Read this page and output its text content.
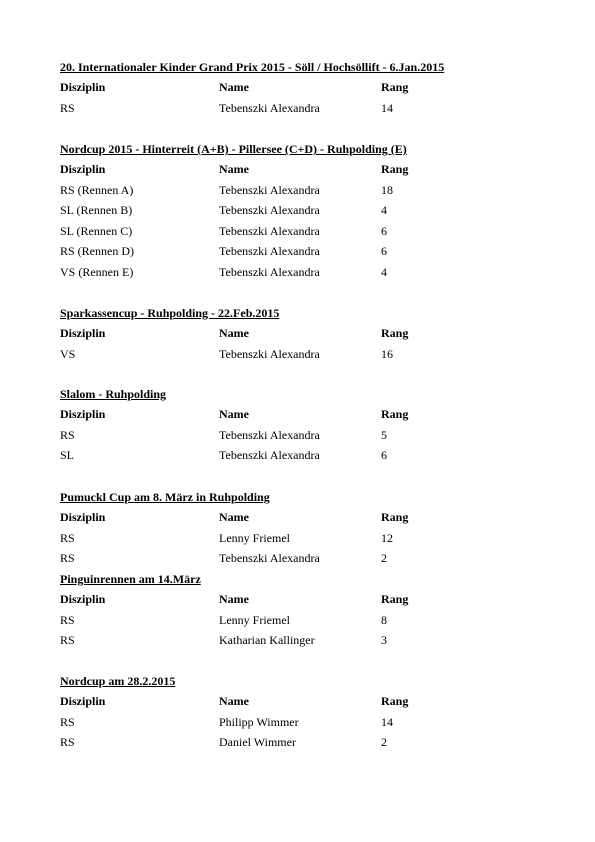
20. Internationaler Kinder Grand Prix 2015 - Söll / Hochsöllift - 6.Jan.2015
Disziplin	Name	Rang
RS	Tebenszki Alexandra	14
Nordcup 2015 - Hinterreit (A+B) - Pillersee (C+D) - Ruhpolding (E)
Disziplin	Name	Rang
RS (Rennen A)	Tebenszki Alexandra	18
SL (Rennen B)	Tebenszki Alexandra	4
SL (Rennen C)	Tebenszki Alexandra	6
RS (Rennen D)	Tebenszki Alexandra	6
VS (Rennen E)	Tebenszki Alexandra	4
Sparkassencup - Ruhpolding - 22.Feb.2015
Disziplin	Name	Rang
VS	Tebenszki Alexandra	16
Slalom - Ruhpolding
Disziplin	Name	Rang
RS	Tebenszki Alexandra	5
SL	Tebenszki Alexandra	6
Pumuckl Cup am 8. März in Ruhpolding
Disziplin	Name	Rang
RS	Lenny Friemel	12
RS	Tebenszki Alexandra	2
Pinguinrennen am 14.März
Disziplin	Name	Rang
RS	Lenny Friemel	8
RS	Katharian Kallinger	3
Nordcup am 28.2.2015
Disziplin	Name	Rang
RS	Philipp Wimmer	14
RS	Daniel Wimmer	2
